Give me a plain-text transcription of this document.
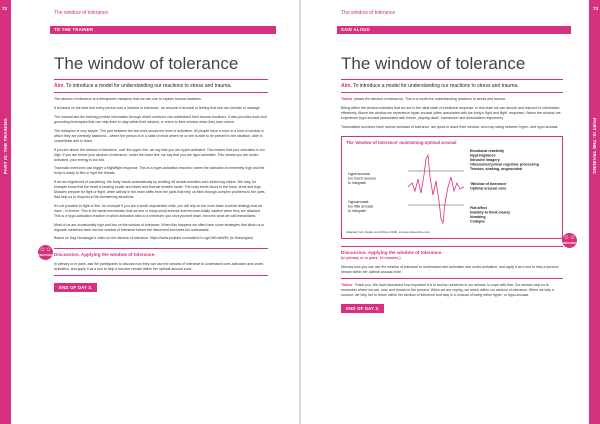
72
PART III: THE TRAINING
The window of tolerance
TO THE TRAINER
The window of tolerance
Aim. To introduce a model for understanding our reactions to stress and trauma.

The window of tolerance is a therapeutic metaphor that we can use to explain trauma reactions.

It is based on the idea that every person has a 'window of tolerance', an amount of arousal or feeling that she can tolerate or manage.

The manual and the training provide information through which survivors can understand their trauma reactions. It also provides tools and grounding techniques that can help them to stay within their window, or return to their window when they lose control.

The metaphor is very simple. The part between the two lines shows the level of activation. All people have a zone or a kind of window in which they are perfectly balanced – where the person is in a state of mind where he or she is able to be present in the situation, able to concentrate and to learn.

If you are above the window of tolerance, over the upper line, we say that you are hyper-activated. This means that your activation is too high. If you are below your window of tolerance, under the lower line, we say that you are hypo-activated. This means you are under-activated; your energy is too low.

Traumatic memories can trigger a flight/fight response. This is a hyper-activation reaction, where the activation is extremely high and the body is ready to flee or fight the threats.

If we are frightened of something, the body reacts automatically by shutting off certain activities and reinforcing others. We may, for example know that the heart is beating louder and faster and that we breathe faster. The body feeds blood to the brain, arms and legs. Muscles prepare for fight or flight, while activity in the brain shifts from the parts that help us think through complex problems to the parts that help us to respond to life-threatening situations.

It's not possible to fight or flee, for example if you are a small unprotected child, you will rely on the most basic survival strategy that we have – to freeze. This is the same mechanism that we see in many small animals that become totally inactive when they are attacked. This is a hypo-activation reaction in which activation falls to a minimum: you shut yourself down, become what we call immobilized.

Most of us are occasionally high and low on the window of tolerance. When this happens we often have some strategies that allow us to regulate ourselves back into the window of tolerance before the discomfort becomes too unbearable.

Based on Dag Nordanger's video on the window of tolerance: https://www.youtube.com/watch?v=qpC4rEmsWRc (In Norwegian)

☺☺
DISCUSSION Discussion. Applying the window of tolerance.

In plenary or in pairs, ask the participants to discuss how they can use the window of tolerance to understand over-activation and under-activation, and apply it as a tool to help a survivor remain within her optimal arousal zone.

END OF DAY 3.
73
PART III: THE TRAINING
The window of tolerance
SAID ALOUD
The window of tolerance
Aim. To introduce a model for understanding our reactions to stress and trauma.

Trainer (draws the window of tolerance). This is a model for understanding reactions to stress and trauma.

Being within the window indicates that we are in the ideal state of emotional response. In this state we can absorb and respond to information effectively. Above the window we experience hyper arousal (often associated with the body's 'fight and flight' response). Below the window, we experience hypo arousal (associated with freeze, 'playing dead', submission and dissociation responses).

Traumatised survivors have narrow windows of tolerance, are quick to leave their window, and may swing between hyper- and hypo-arousal.

The 'window of tolerance' maintaining optimal arousal
Hyperarousal:
too much arousal
to integrate
Hypoarousal:
too little arousal
to integrate
Emotional reactivity
Hypervigilance
Intrusive imagery
Obsessive/cyclical cognitive processing
Tension, shaking, ungrounded
'Window of tolerance'
Optimal arousal zone
Flat affect
Inability to think clearly
Numbing
Collapse
Adapted from Ogden and Minton 2000, at www.sitesonline.com
☺☺
DISCUSSION
Discussion. Applying the window of tolerance.
(In plenary or in pairs. 10 minutes.)

Discuss how you can use the window of tolerance to understand over-activation and under-activation, and apply it as a tool to help a survivor remain within her optimal arousal zone.

Trainer. Thank you. We have discussed how important it is to anchor ourselves in our senses, to cope with fear. Our senses help us to remember where we are, now, and remain in the present. When we are coping, we return within our window of tolerance. When we help a survivor, we help her to return within her window of tolerance and stay in it, instead of being either hyper- or hypo-arousal.

END OF DAY 3.
